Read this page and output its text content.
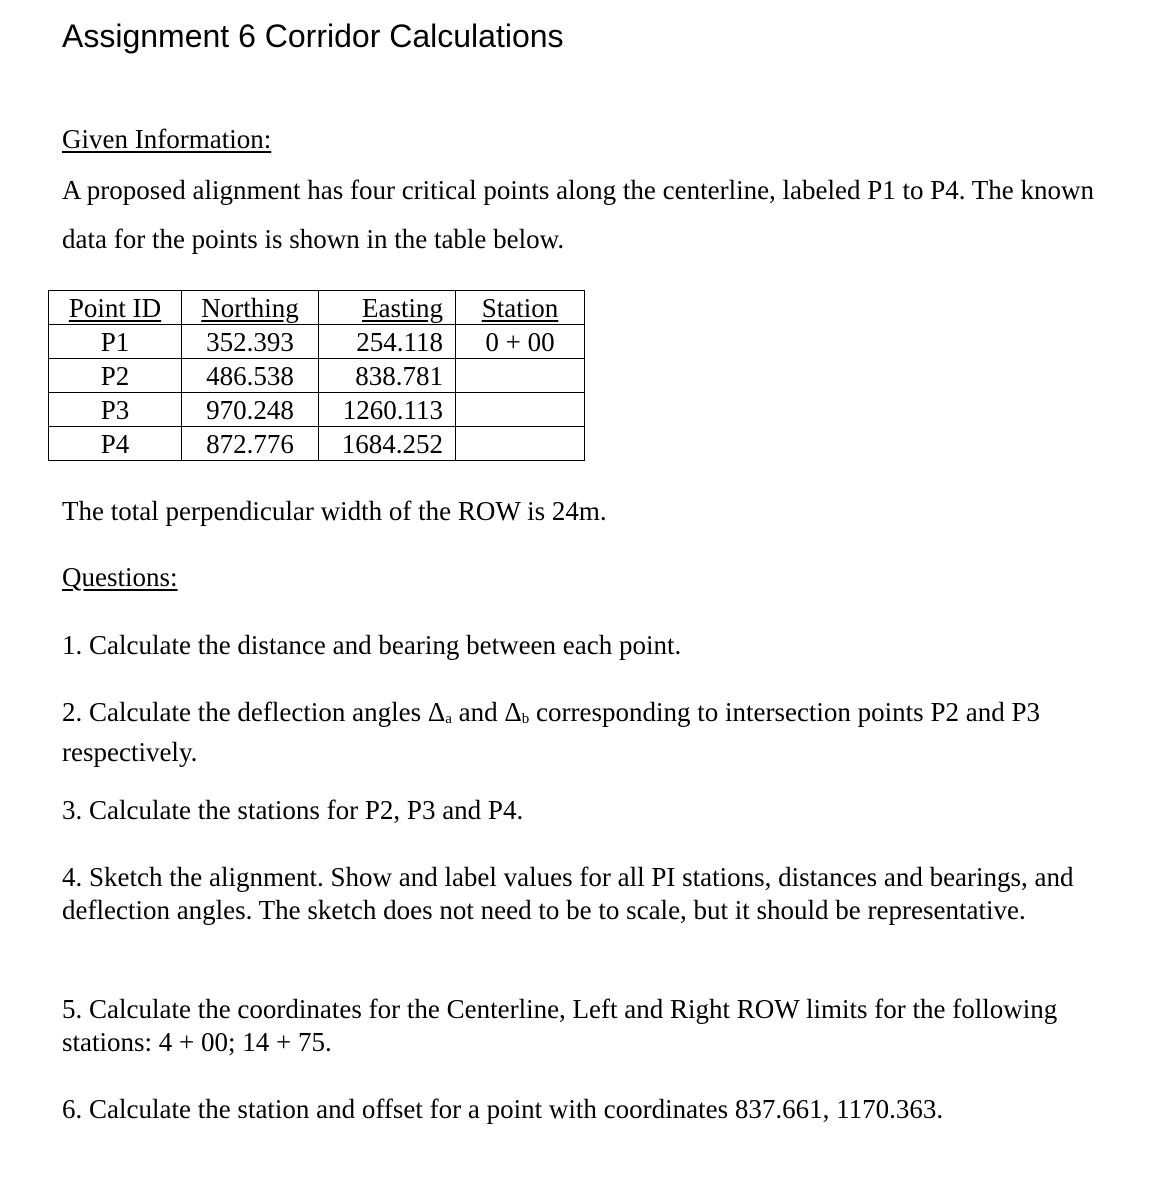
Assignment 6 Corridor Calculations

Given Information:

A proposed alignment has four critical points along the centerline, labeled P1 to P4. The known data for the points is shown in the table below.

Point ID	Northing	Easting	Station
P1	352.393	254.118	0 + 00
P2	486.538	838.781	
P3	970.248	1260.113	
P4	872.776	1684.252	

The total perpendicular width of the ROW is 24m.

Questions:

1. Calculate the distance and bearing between each point.

2. Calculate the deflection angles $\Delta_a$ and $\Delta_b$ corresponding to intersection points P2 and P3 respectively.

3. Calculate the stations for P2, P3 and P4.

4. Sketch the alignment. Show and label values for all PI stations, distances and bearings, and deflection angles. The sketch does not need to be to scale, but it should be representative.

5. Calculate the coordinates for the Centerline, Left and Right ROW limits for the following stations: 4 + 00; 14 + 75.

6. Calculate the station and offset for a point with coordinates 837.661, 1170.363.
